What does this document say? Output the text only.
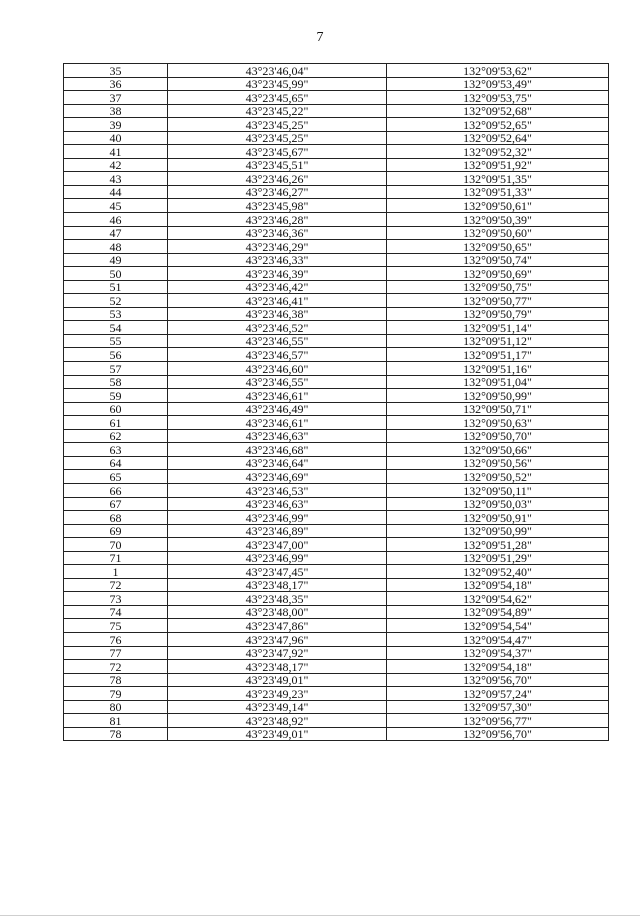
7
35	43°23'46,04"	132°09'53,62"
36	43°23'45,99"	132°09'53,49"
37	43°23'45,65"	132°09'53,75"
38	43°23'45,22"	132°09'52,68"
39	43°23'45,25"	132°09'52,65"
40	43°23'45,25"	132°09'52,64"
41	43°23'45,67"	132°09'52,32"
42	43°23'45,51"	132°09'51,92"
43	43°23'46,26"	132°09'51,35"
44	43°23'46,27"	132°09'51,33"
45	43°23'45,98"	132°09'50,61"
46	43°23'46,28"	132°09'50,39"
47	43°23'46,36"	132°09'50,60"
48	43°23'46,29"	132°09'50,65"
49	43°23'46,33"	132°09'50,74"
50	43°23'46,39"	132°09'50,69"
51	43°23'46,42"	132°09'50,75"
52	43°23'46,41"	132°09'50,77"
53	43°23'46,38"	132°09'50,79"
54	43°23'46,52"	132°09'51,14"
55	43°23'46,55"	132°09'51,12"
56	43°23'46,57"	132°09'51,17"
57	43°23'46,60"	132°09'51,16"
58	43°23'46,55"	132°09'51,04"
59	43°23'46,61"	132°09'50,99"
60	43°23'46,49"	132°09'50,71"
61	43°23'46,61"	132°09'50,63"
62	43°23'46,63"	132°09'50,70"
63	43°23'46,68"	132°09'50,66"
64	43°23'46,64"	132°09'50,56"
65	43°23'46,69"	132°09'50,52"
66	43°23'46,53"	132°09'50,11"
67	43°23'46,63"	132°09'50,03"
68	43°23'46,99"	132°09'50,91"
69	43°23'46,89"	132°09'50,99"
70	43°23'47,00"	132°09'51,28"
71	43°23'46,99"	132°09'51,29"
1	43°23'47,45"	132°09'52,40"
72	43°23'48,17"	132°09'54,18"
73	43°23'48,35"	132°09'54,62"
74	43°23'48,00"	132°09'54,89"
75	43°23'47,86"	132°09'54,54"
76	43°23'47,96"	132°09'54,47"
77	43°23'47,92"	132°09'54,37"
72	43°23'48,17"	132°09'54,18"
78	43°23'49,01"	132°09'56,70"
79	43°23'49,23"	132°09'57,24"
80	43°23'49,14"	132°09'57,30"
81	43°23'48,92"	132°09'56,77"
78	43°23'49,01"	132°09'56,70"
